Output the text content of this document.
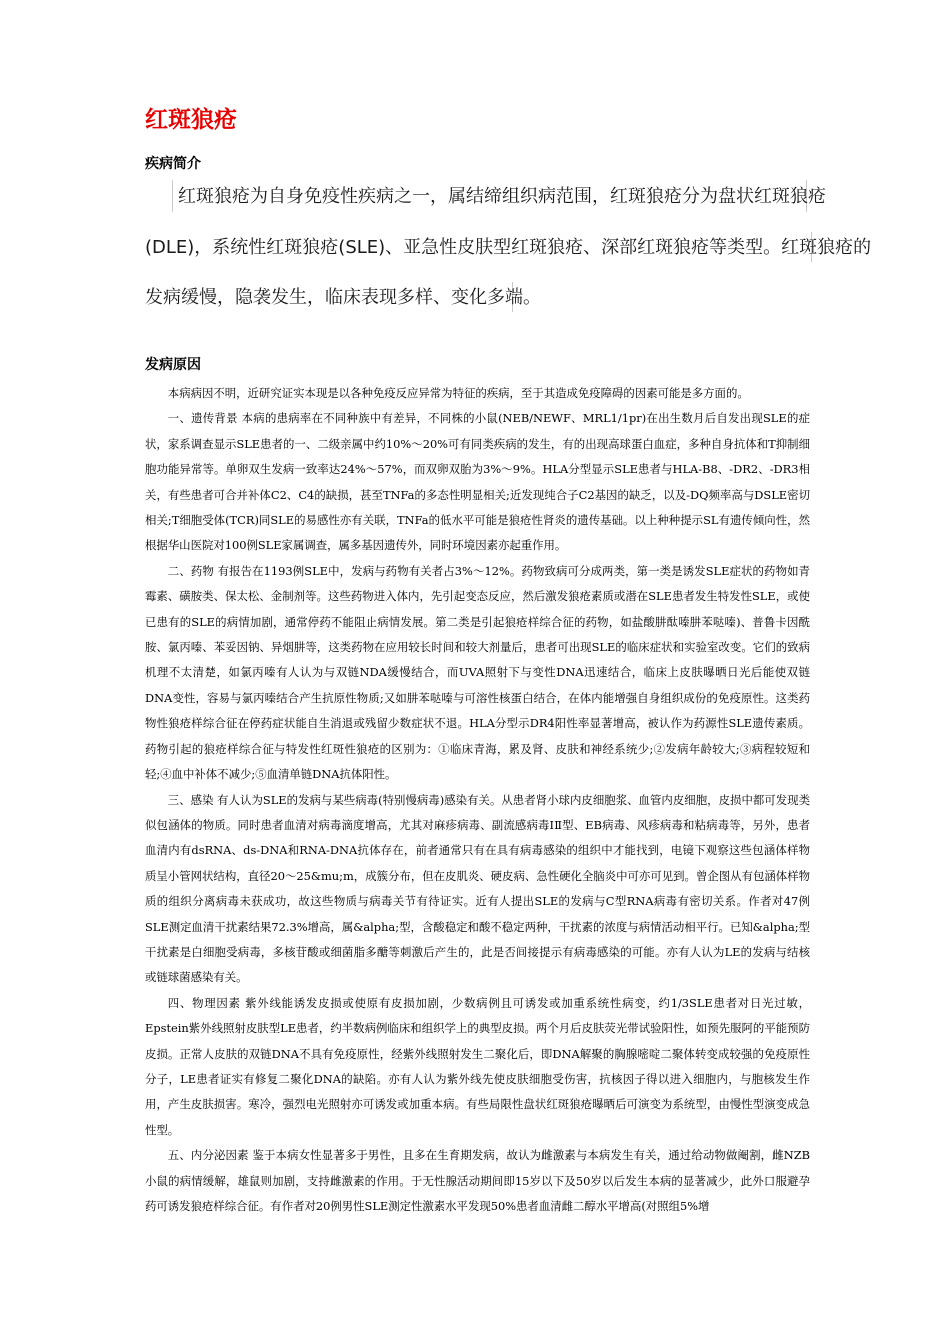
红斑狼疮
疾病简介
红斑狼疮为自身免疫性疾病之一，属结缔组织病范围，红斑狼疮分为盘状红斑狼疮
(DLE)，系统性红斑狼疮(SLE)、亚急性皮肤型红斑狼疮、深部红斑狼疮等类型。红斑狼疮的
发病缓慢，隐袭发生，临床表现多样、变化多端。
发病原因

本病病因不明，近研究证实本现是以各种免疫反应异常为特征的疾病，至于其造成免疫障碍的因素可能是多方面的。

一、遗传背景 本病的患病率在不同种族中有差异，不同株的小鼠(NEB/NEWF、MRL1/1pr)在出生数月后自发出现SLE的症状，家系调查显示SLE患者的一、二级亲属中约10%～20%可有同类疾病的发生，有的出现高球蛋白血症，多种自身抗体和T抑制细胞功能异常等。单卵双生发病一致率达24%～57%，而双卵双胎为3%～9%。HLA分型显示SLE患者与HLA-B8、-DR2、-DR3相关，有些患者可合并补体C2、C4的缺损，甚至TNFa的多态性明显相关;近发现纯合子C2基因的缺乏，以及-DQ频率高与DSLE密切相关;T细胞受体(TCR)同SLE的易感性亦有关联，TNFa的低水平可能是狼疮性肾炎的遗传基础。以上种种提示SL有遗传倾向性，然根据华山医院对100例SLE家属调查，属多基因遗传外，同时环境因素亦起重作用。

二、药物 有报告在1193例SLE中，发病与药物有关者占3%～12%。药物致病可分成两类，第一类是诱发SLE症状的药物如青霉素、磺胺类、保太松、金制剂等。这些药物进入体内，先引起变态反应，然后激发狼疮素质或潜在SLE患者发生特发性SLE，或使已患有的SLE的病情加剧，通常停药不能阻止病情发展。第二类是引起狼疮样综合征的药物，如盐酸肼酞嗪肼苯哒嗪)、普鲁卡因酰胺、氯丙嗪、苯妥因钠、异烟肼等，这类药物在应用较长时间和较大剂量后，患者可出现SLE的临床症状和实验室改变。它们的致病机理不太清楚，如氯丙嗪有人认为与双链NDA缓慢结合，而UVA照射下与变性DNA迅速结合，临床上皮肤曝晒日光后能使双链DNA变性，容易与氯丙嗪结合产生抗原性物质;又如肼苯哒嗪与可溶性核蛋白结合，在体内能增强自身组织成份的免疫原性。这类药物性狼疮样综合征在停药症状能自生消退或残留少数症状不退。HLA分型示DR4阳性率显著增高，被认作为药源性SLE遗传素质。药物引起的狼疮样综合征与特发性红斑性狼疮的区别为：①临床青海，累及肾、皮肤和神经系统少;②发病年龄较大;③病程较短和轻;④血中补体不减少;⑤血清单链DNA抗体阳性。

三、感染 有人认为SLE的发病与某些病毒(特别慢病毒)感染有关。从患者肾小球内皮细胞浆、血管内皮细胞，皮损中都可发现类似包涵体的物质。同时患者血清对病毒滴度增高，尤其对麻疹病毒、副流感病毒ⅠⅡ型、EB病毒、风疹病毒和粘病毒等，另外，患者血清内有dsRNA、ds-DNA和RNA-DNA抗体存在，前者通常只有在具有病毒感染的组织中才能找到，电镜下观察这些包涵体样物质呈小管网状结构，直径20～25&mu;m，成簇分布，但在皮肌炎、硬皮病、急性硬化全脑炎中可亦可见到。曾企图从有包涵体样物质的组织分离病毒未获成功，故这些物质与病毒关节有待证实。近有人提出SLE的发病与C型RNA病毒有密切关系。作者对47例SLE测定血清干扰素结果72.3%增高，属&alpha;型，含酸稳定和酸不稳定两种，干扰素的浓度与病情活动相平行。已知&alpha;型干扰素是白细胞受病毒，多核苷酸或细菌脂多醣等刺激后产生的，此是否间接提示有病毒感染的可能。亦有人认为LE的发病与结核或链球菌感染有关。

四、物理因素 紫外线能诱发皮损或使原有皮损加剧，少数病例且可诱发或加重系统性病变，约1/3SLE患者对日光过敏，Epstein紫外线照射皮肤型LE患者，约半数病例临床和组织学上的典型皮损。两个月后皮肤荧光带试验阳性，如预先服阿的平能预防皮损。正常人皮肤的双链DNA不具有免疫原性，经紫外线照射发生二聚化后，即DNA解聚的胸腺嘧啶二聚体转变成较强的免疫原性分子，LE患者证实有修复二聚化DNA的缺陷。亦有人认为紫外线先使皮肤细胞受伤害，抗核因子得以进入细胞内，与胞核发生作用，产生皮肤损害。寒冷，强烈电光照射亦可诱发或加重本病。有些局限性盘状红斑狼疮曝晒后可演变为系统型，由慢性型演变成急性型。

五、内分泌因素 鉴于本病女性显著多于男性，且多在生育期发病，故认为雌激素与本病发生有关，通过给动物做阉割，雌NZB小鼠的病情缓解，雄鼠则加剧，支持雌激素的作用。于无性腺活动期间即15岁以下及50岁以后发生本病的显著减少，此外口服避孕药可诱发狼疮样综合征。有作者对20例男性SLE测定性激素水平发现50%患者血清雌二醇水平增高(对照组5%增
